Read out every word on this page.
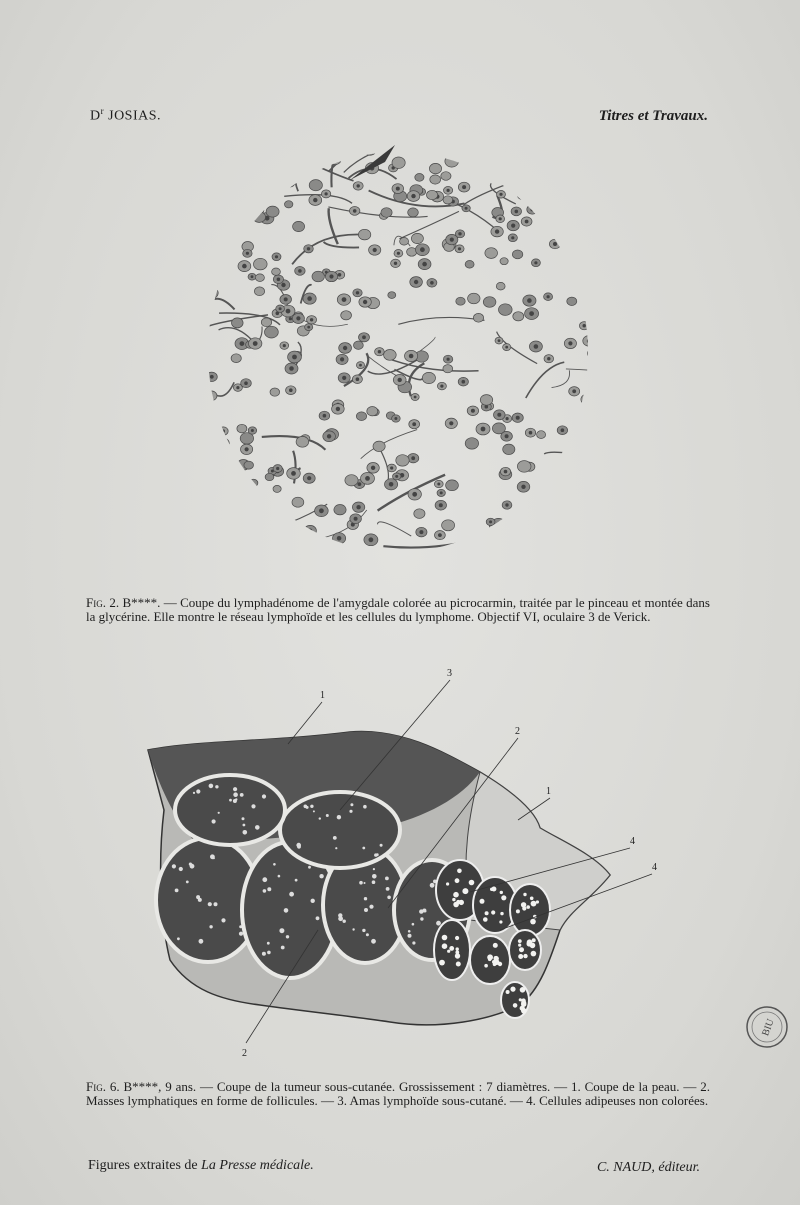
$D^r$ JOSIAS.	Titres et Travaux.
Fig. 2. B****. — Coupe du lymphadénome de l'amygdale colorée au picrocarmin, traitée par le pinceau et montée dans la glycérine. Elle montre le réseau lymphoïde et les cellules du lymphome. Objectif VI, oculaire 3 de Verick.
1
3
2
1
4
4
2
Fig. 6. B****, 9 ans. — Coupe de la tumeur sous-cutanée. Grossissement : 7 diamètres. — 1. Coupe de la peau. — 2. Masses lymphatiques en forme de follicules. — 3. Amas lymphoïde sous-cutané. — 4. Cellules adipeuses non colorées.
BIU
Figures extraites de La Presse médicale.	C. NAUD, éditeur.
